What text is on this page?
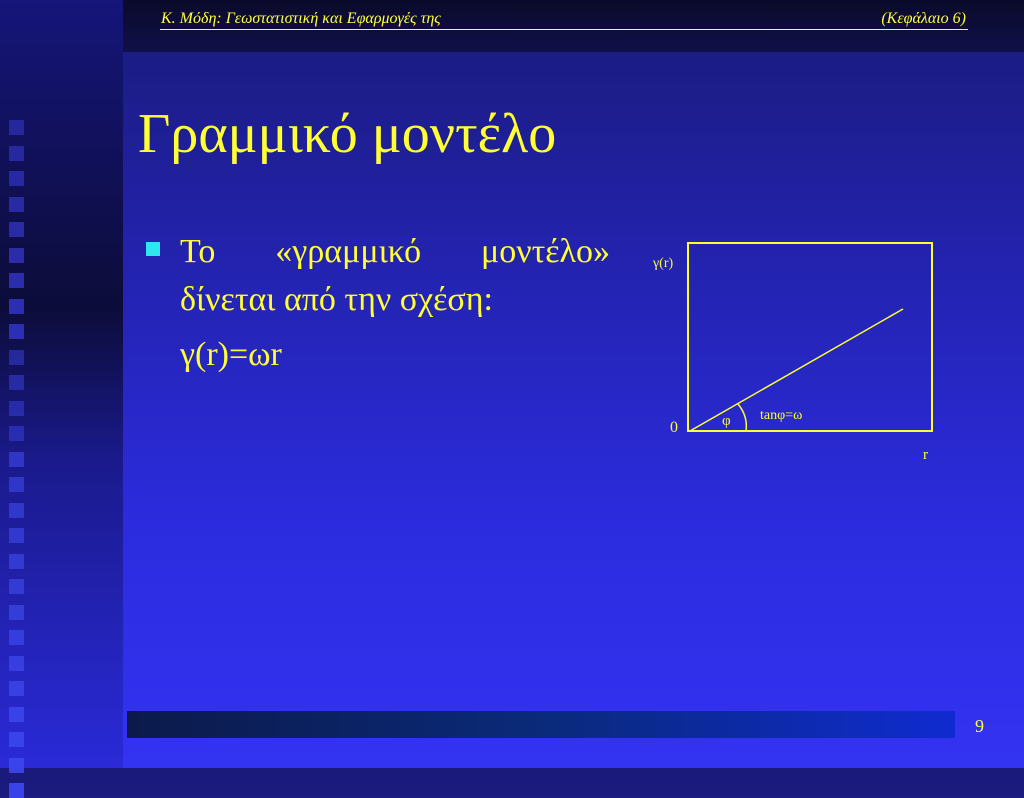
Κ. Μόδη: Γεωστατιστική και Εφαρμογές της	(Κεφάλαιο 6)
Γραμμικό μοντέλο
Το «γραμμικό μοντέλο»
δίνεται από την σχέση:
γ(r)=ωr
γ(r)
0	φ tanφ=ω
r
9
